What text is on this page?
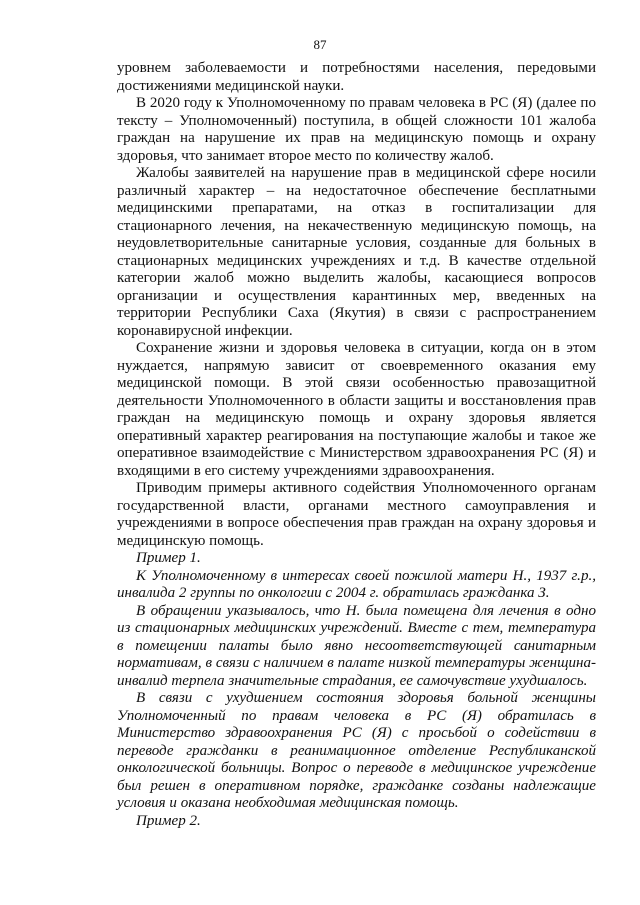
87

уровнем заболеваемости и потребностями населения, передовыми достижениями медицинской науки.

В 2020 году к Уполномоченному по правам человека в РС (Я) (далее по тексту – Уполномоченный) поступила, в общей сложности 101 жалоба граждан на нарушение их прав на медицинскую помощь и охрану здоровья, что занимает второе место по количеству жалоб.

Жалобы заявителей на нарушение прав в медицинской сфере носили различный характер – на недостаточное обеспечение бесплатными медицинскими препаратами, на отказ в госпитализации для стационарного лечения, на некачественную медицинскую помощь, на неудовлетворительные санитарные условия, созданные для больных в стационарных медицинских учреждениях и т.д. В качестве отдельной категории жалоб можно выделить жалобы, касающиеся вопросов организации и осуществления карантинных мер, введенных на территории Республики Саха (Якутия) в связи с распространением коронавирусной инфекции.

Сохранение жизни и здоровья человека в ситуации, когда он в этом нуждается, напрямую зависит от своевременного оказания ему медицинской помощи. В этой связи особенностью правозащитной деятельности Уполномоченного в области защиты и восстановления прав граждан на медицинскую помощь и охрану здоровья является оперативный характер реагирования на поступающие жалобы и такое же оперативное взаимодействие с Министерством здравоохранения РС (Я) и входящими в его систему учреждениями здравоохранения.

Приводим примеры активного содействия Уполномоченного органам государственной власти, органами местного самоуправления и учреждениями в вопросе обеспечения прав граждан на охрану здоровья и медицинскую помощь.

Пример 1.

К Уполномоченному в интересах своей пожилой матери Н., 1937 г.р., инвалида 2 группы по онкологии с 2004 г. обратилась гражданка З.

В обращении указывалось, что Н. была помещена для лечения в одно из стационарных медицинских учреждений. Вместе с тем, температура в помещении палаты было явно несоответствующей санитарным нормативам, в связи с наличием в палате низкой температуры женщина-инвалид терпела значительные страдания, ее самочувствие ухудшалось.

В связи с ухудшением состояния здоровья больной женщины Уполномоченный по правам человека в РС (Я) обратилась в Министерство здравоохранения РС (Я) с просьбой о содействии в переводе гражданки в реанимационное отделение Республиканской онкологической больницы. Вопрос о переводе в медицинское учреждение был решен в оперативном порядке, гражданке созданы надлежащие условия и оказана необходимая медицинская помощь.

Пример 2.
